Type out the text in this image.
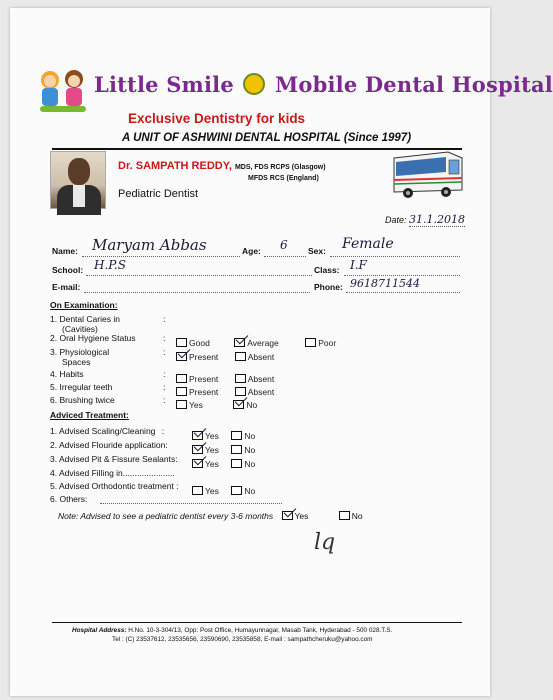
Little Smile Mobile Dental Hospital
Exclusive Dentistry for kids
A UNIT OF ASHWINI DENTAL HOSPITAL (Since 1997)
Dr. SAMPATH REDDY, MDS, FDS RCPS (Glasgow)
MFDS RCS (England)
Pediatric Dentist
Date: 31.1.2018
Name: Maryam Abbas	Age: 6 Sex: Female
School: H.P.S	Class: I.F
E-mail:	Phone: 9618711544
On Examination:
1. Dental Caries in
(Cavities)
:
2. Oral Hygiene Status	:	Good	Average	Poor
3. Physiological
Spaces
:	Present	Absent
4. Habits	:	Present	Absent
5. Irregular teeth	:	Present	Absent
6. Brushing twice	:	Yes	No
Adviced Treatment:
1. Advised Scaling/Cleaning :	Yes	No
2. Advised Flouride application:	Yes	No
3. Advised Pit & Fissure Sealants:	Yes	No
4. Advised Filling in......................
5. Advised Orthodontic treatment :	Yes	No
6. Others:
Note: Advised to see a pediatric dentist every 3-6 months	Yes	No
lq
Hospital Address: H.No. 10-3-304/13, Opp: Post Office, Humayunnagar, Masab Tank, Hyderabad - 500 028.T.S.
Tel : (C) 23537612, 23535656, 23590690, 23535858, E-mail : sampathcheruku@yahoo.com
